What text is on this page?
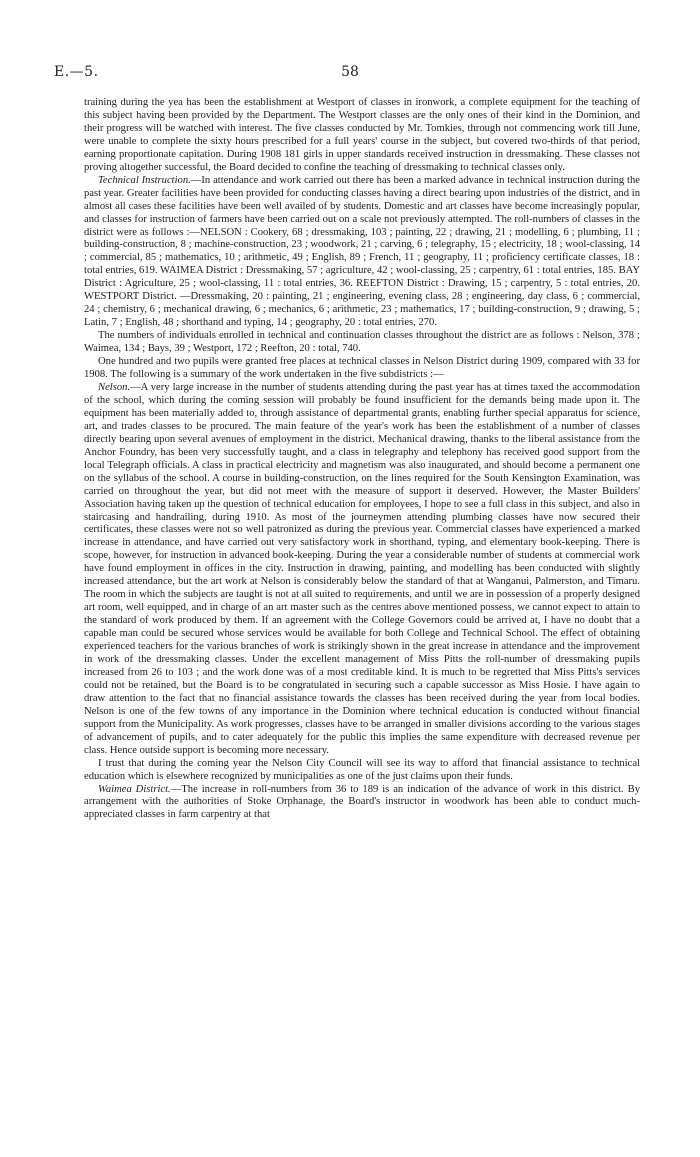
E.—5.	58

training during the yea has been the establishment at Westport of classes in ironwork, a complete equipment for the teaching of this subject having been provided by the Department. The Westport classes are the only ones of their kind in the Dominion, and their progress will be watched with interest. The five classes conducted by Mr. Tomkies, through not commencing work till June, were unable to complete the sixty hours prescribed for a full years' course in the subject, but covered two-thirds of that period, earning proportionate capitation. During 1908 181 girls in upper standards received instruction in dressmaking. These classes not proving altogether successful, the Board decided to confine the teaching of dressmaking to technical classes only.

Technical Instruction.—In attendance and work carried out there has been a marked advance in technical instruction during the past year. Greater facilities have been provided for conducting classes having a direct bearing upon industries of the district, and in almost all cases these facilities have been well availed of by students. Domestic and art classes have become increasingly popular, and classes for instruction of farmers have been carried out on a scale not previously attempted. The roll-numbers of classes in the district were as follows :—NELSON : Cookery, 68 ; dressmaking, 103 ; painting, 22 ; drawing, 21 ; modelling, 6 ; plumbing, 11 ; building-construction, 8 ; machine-construction, 23 ; woodwork, 21 ; carving, 6 ; telegraphy, 15 ; electricity, 18 ; wool-classing, 14 ; commercial, 85 ; mathematics, 10 ; arithmetic, 49 ; English, 89 ; French, 11 ; geography, 11 ; proficiency certificate classes, 18 : total entries, 619. WAIMEA District : Dressmaking, 57 ; agriculture, 42 ; wool-classing, 25 ; carpentry, 61 : total entries, 185. BAY District : Agriculture, 25 ; wool-classing, 11 : total entries, 36. REEFTON District : Drawing, 15 ; carpentry, 5 : total entries, 20. WESTPORT District. —Dressmaking, 20 : painting, 21 ; engineering, evening class, 28 ; engineering, day class, 6 ; commercial, 24 ; chemistry, 6 ; mechanical drawing, 6 ; mechanics, 6 ; arithmetic, 23 ; mathematics, 17 ; building-construction, 9 ; drawing, 5 ; Latin, 7 ; English, 48 ; shorthand and typing, 14 ; geography, 20 : total entries, 270.

The numbers of individuals enrolled in technical and continuation classes throughout the district are as follows : Nelson, 378 ; Waimea, 134 ; Bays, 39 ; Westport, 172 ; Reefton, 20 : total, 740.

One hundred and two pupils were granted free places at technical classes in Nelson District during 1909, compared with 33 for 1908. The following is a summary of the work undertaken in the five subdistricts :—

Nelson.—A very large increase in the number of students attending during the past year has at times taxed the accommodation of the school, which during the coming session will probably be found insufficient for the demands being made upon it. The equipment has been materially added to, through assistance of departmental grants, enabling further special apparatus for science, art, and trades classes to be procured. The main feature of the year's work has been the establishment of a number of classes directly bearing upon several avenues of employment in the district. Mechanical drawing, thanks to the liberal assistance from the Anchor Foundry, has been very successfully taught, and a class in telegraphy and telephony has received good support from the local Telegraph officials. A class in practical electricity and magnetism was also inaugurated, and should become a permanent one on the syllabus of the school. A course in building-construction, on the lines required for the South Kensington Examination, was carried on throughout the year, but did not meet with the measure of support it deserved. However, the Master Builders' Association having taken up the question of technical education for employees, I hope to see a full class in this subject, and also in staircasing and handrailing, during 1910. As most of the journeymen attending plumbing classes have now secured their certificates, these classes were not so well patronized as during the previous year. Commercial classes have experienced a marked increase in attendance, and have carried out very satisfactory work in shorthand, typing, and elementary book-keeping. There is scope, however, for instruction in advanced book-keeping. During the year a considerable number of students at commercial work have found employment in offices in the city. Instruction in drawing, painting, and modelling has been conducted with slightly increased attendance, but the art work at Nelson is considerably below the standard of that at Wanganui, Palmerston, and Timaru. The room in which the subjects are taught is not at all suited to requirements, and until we are in possession of a properly designed art room, well equipped, and in charge of an art master such as the centres above mentioned possess, we cannot expect to attain to the standard of work produced by them. If an agreement with the College Governors could be arrived at, I have no doubt that a capable man could be secured whose services would be available for both College and Technical School. The effect of obtaining experienced teachers for the various branches of work is strikingly shown in the great increase in attendance and the improvement in work of the dressmaking classes. Under the excellent management of Miss Pitts the roll-number of dressmaking pupils increased from 26 to 103 ; and the work done was of a most creditable kind. It is much to be regretted that Miss Pitts's services could not be retained, but the Board is to be congratulated in securing such a capable successor as Miss Hosie. I have again to draw attention to the fact that no financial assistance towards the classes has been received during the year from local bodies. Nelson is one of the few towns of any importance in the Dominion where technical education is conducted without financial support from the Municipality. As work progresses, classes have to be arranged in smaller divisions according to the various stages of advancement of pupils, and to cater adequately for the public this implies the same expenditure with decreased revenue per class. Hence outside support is becoming more necessary.

I trust that during the coming year the Nelson City Council will see its way to afford that financial assistance to technical education which is elsewhere recognized by municipalities as one of the just claims upon their funds.

Waimea District.—The increase in roll-numbers from 36 to 189 is an indication of the advance of work in this district. By arrangement with the authorities of Stoke Orphanage, the Board's instructor in woodwork has been able to conduct much-appreciated classes in farm carpentry at that
